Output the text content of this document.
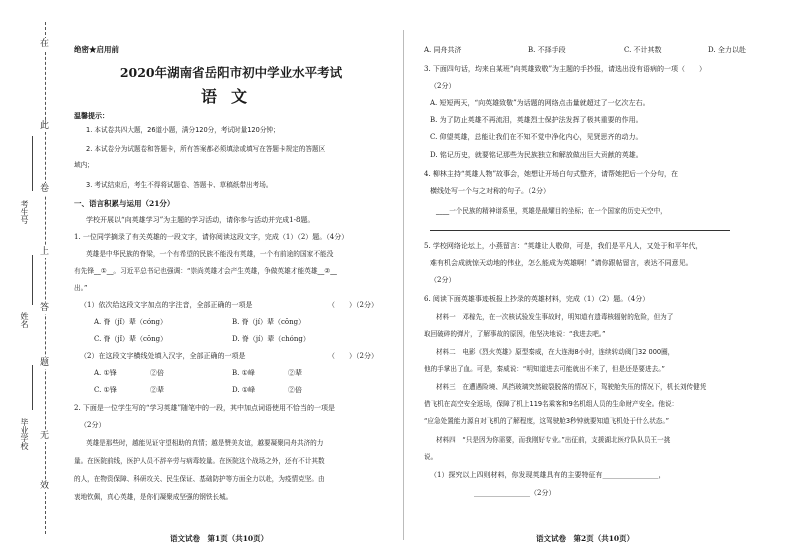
在
此
卷
上
答
题
无
效
考生号
姓名
毕业学校
绝密★启用前
2020年湖南省岳阳市初中学业水平考试
语文
温馨提示：
1. 本试卷共四大题，26道小题，满分120分，考试时量120分钟；
2. 本试卷分为试题卷和答题卡，所有答案都必须填涂或填写在答题卡规定的答题区
域内；
3. 考试结束后，考生不得将试题卷、答题卡、草稿纸带出考场。
一、语言积累与运用（21分）
学校开展以“向英雄学习”为主题的学习活动，请你参与活动并完成1-8题。
1. 一位同学摘录了有关英雄的一段文字，请你阅读这段文字，完成（1）（2）题。（4分）
英雄是中华民族的脊梁，一个有希望的民族不能没有英雄，一个有前途的国家不能没
有先锋__①__。习近平总书记也强调：“崇尚英雄才会产生英雄，争做英雄才能英雄__②__
出。”
（1）依次给这段文字加点的字注音，全部正确的一项是	（　　）（2分）
A. 脊（jǐ）辈（cóng）	B. 脊（jí）辈（cōng）
C. 脊（jǐ）辈（cōng）	D. 脊（jí）辈（chóng）
（2）在这段文字横线处填入汉字，全部正确的一项是	（　　）（2分）
A. ①锋	②倍	B. ①峰	②辈
C. ①锋	②辈	D. ①峰	②倍
2. 下面是一位学生写的“学习英雄”随笔中的一段，其中加点词语使用不恰当的一项是
（2分）
英雄是那些时，越能见证守望相助的真情；越是赞美友谊，越要凝聚同舟共济的力
量。在医院前线，医护人员不辞辛劳与病毒较量。在医院这个战场之外，还有不计其数
的人，在物资保障、科研攻关、民生保证、基础防护等方面全力以赴，为疫情克坚。由
衷地钦佩，真心英雄，是你们凝聚成坚强的钢铁长城。
语文试卷　第1页（共10页）
A. 同舟共济	B. 不择手段	C. 不计其数	D. 全力以赴
3. 下面四句话，均来自某班“向英雄致敬”为主题的手抄报，请选出没有语病的一项（　　）
（2分）
A. 短短两天，“向英雄致敬”为话题的网络点击量就超过了一亿次左右。
B. 为了防止英雄不再流泪，英雄烈士保护法发挥了极其重要的作用。
C. 仰望英雄，总能让我们在不知不觉中净化内心，见贤思齐的动力。
D. 铭记历史，就要铭记那些为民族独立和解放做出巨大贡献的英雄。
4. 柳林主持“英雄人物”故事会，她想让开场白句式整齐，请帮她把后一个分句，在
横线处写一个与之对称的句子。（2分）
____一个民族的精神谱系里，英雄是最耀目的坐标；在一个国家的历史天空中，
5. 学校网络论坛上，小燕留言：“英雄让人敬仰，可是，我们是平凡人，又处于和平年代，
难有机会成就惊天动地的伟业，怎么能成为英雄啊！”请你跟帖留言，表达不同意见。
（2分）
6. 阅读下面英雄事迹板报上抄录的英雄材料，完成（1）（2）题。（4分）
材料一　邓稼先，在一次核试验发生事故时，明知道有遗毒核辐射的危险，但为了
取回破碎的弹片，了解事故的原因，他坚决地说：“我进去吧。”
材料二　电影《烈火英雄》原型秦威，在大连海8小时，连续转动阀门32 000圈，
他的手掌出了血。可是，秦威说：“明知道进去可能就出不来了，但是还是要进去。”
材料三　在遭遇险境、风挡玻璃突然破裂脱落的情况下，驾驶舱失压的情况下，机长刘传健凭
借飞机在高空安全返场，保障了机上119名乘客和9名机组人员的生命财产安全。他说：
“应急处置能力源自对飞机的了解程度，这驾驶舱3秒钟就要知道飞机处于什么状态。”
材料四　“只是因为你需要，而我刚好专业。”出征前，支援湖北医疗队队员王一挑
说。
（1）探究以上四则材料，你发现英雄具有的主要特征有________________，
________________（2分）
语文试卷　第2页（共10页）
